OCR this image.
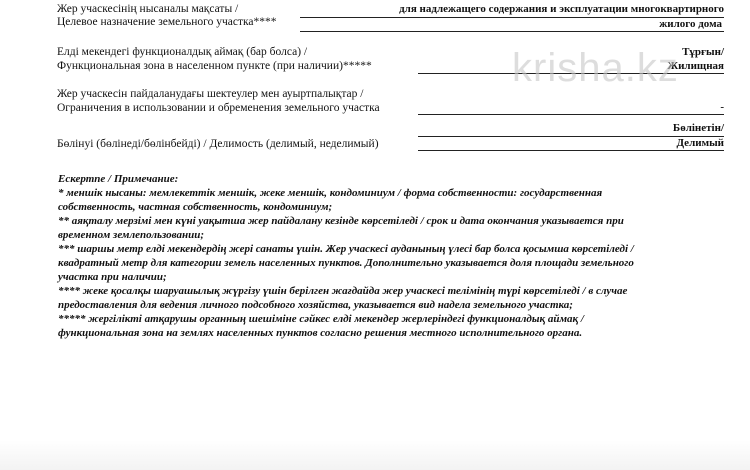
Жер учаскесінің нысаналы мақсаты /
Целевое назначение земельного участка****
для надлежащего содержания и эксплуатации многоквартирного
жилого дома
Елді мекендегі функционалдық аймақ (бар болса) /
Функциональная зона в населенном пункте (при наличии)*****
Тұрғын/
Жилищная
Жер учаскесін пайдаланудағы шектеулер мен ауыртпалықтар /
Ограничения в использовании и обременения земельного участка	-
Бөлінуі (бөлінеді/бөлінбейді) / Делимость (делимый, неделимый)
Бөлінетін/
Делимый

Ескертпе / Примечание:

* меншік нысаны: мемлекеттік меншік, жеке меншік, кондоминиум / форма собственности: государственная

собственность, частная собственность, кондоминиум;

** аяқталу мерзімі мен күні уақытша жер пайдалану кезінде көрсетіледі / срок и дата окончания указывается при

временном землепользовании;

*** шаршы метр елді мекендердің жері санаты үшін. Жер учаскесі ауданының үлесі бар болса қосымша көрсетіледі /

квадратный метр для категории земель населенных пунктов. Дополнительно указывается доля площади земельного

участка при наличии;

**** жеке қосалқы шаруашылық жүргізу үшін берілген жағдайда жер учаскесі телімінің түрі көрсетіледі / в случае

предоставления для ведения личного подсобного хозяйства, указывается вид надела земельного участка;

***** жергілікті атқарушы органның шешіміне сәйкес елді мекендер жерлеріндегі функционалдық аймақ /

функциональная зона на землях населенных пунктов согласно решения местного исполнительного органа.

krisha.kz
